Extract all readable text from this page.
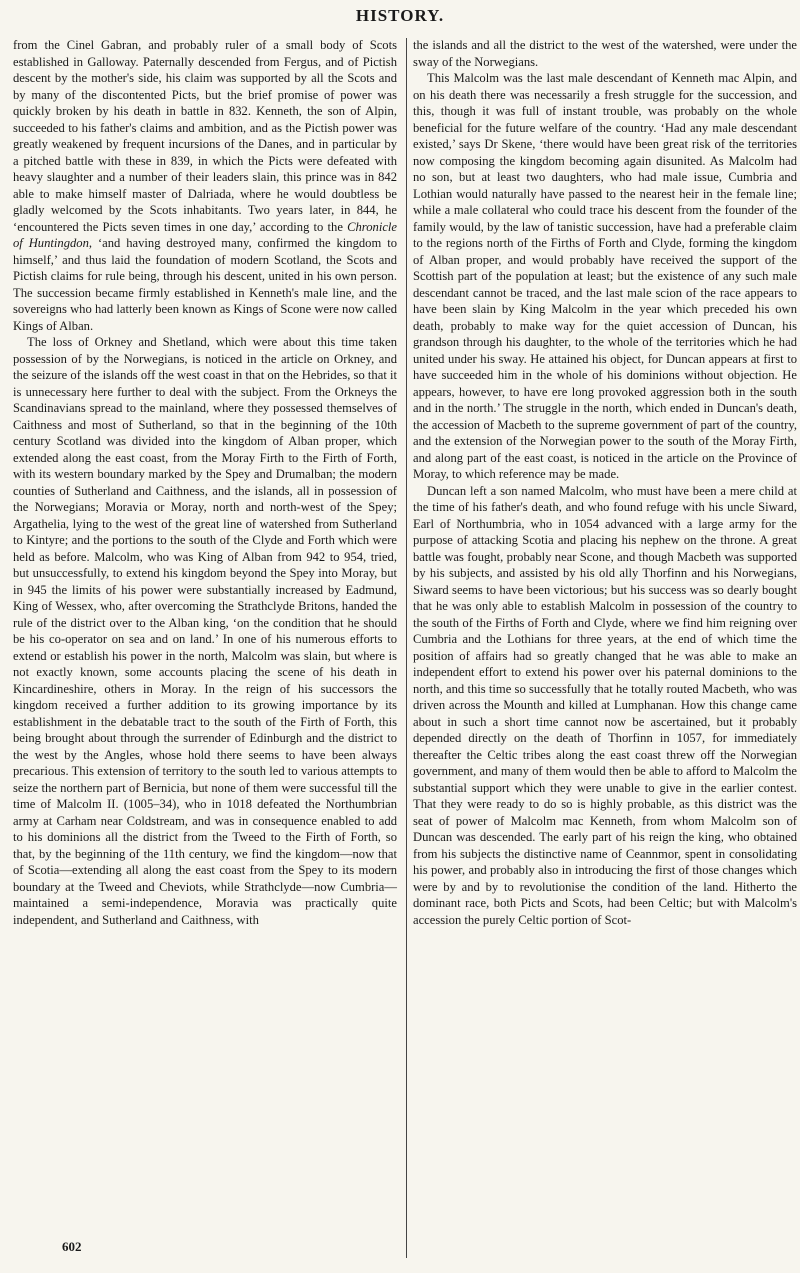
HISTORY.

from the Cinel Gabran, and probably ruler of a small body of Scots established in Galloway. Paternally descended from Fergus, and of Pictish descent by the mother's side, his claim was supported by all the Scots and by many of the discontented Picts, but the brief promise of power was quickly broken by his death in battle in 832. Kenneth, the son of Alpin, succeeded to his father's claims and ambition, and as the Pictish power was greatly weakened by frequent incursions of the Danes, and in particular by a pitched battle with these in 839, in which the Picts were defeated with heavy slaughter and a number of their leaders slain, this prince was in 842 able to make himself master of Dalriada, where he would doubtless be gladly welcomed by the Scots inhabitants. Two years later, in 844, he ‘encountered the Picts seven times in one day,’ according to the Chronicle of Huntingdon, ‘and having destroyed many, confirmed the kingdom to himself,’ and thus laid the foundation of modern Scotland, the Scots and Pictish claims for rule being, through his descent, united in his own person. The succession became firmly established in Kenneth's male line, and the sovereigns who had latterly been known as Kings of Scone were now called Kings of Alban.

The loss of Orkney and Shetland, which were about this time taken possession of by the Norwegians, is noticed in the article on Orkney, and the seizure of the islands off the west coast in that on the Hebrides, so that it is unnecessary here further to deal with the subject. From the Orkneys the Scandinavians spread to the mainland, where they possessed themselves of Caithness and most of Sutherland, so that in the beginning of the 10th century Scotland was divided into the kingdom of Alban proper, which extended along the east coast, from the Moray Firth to the Firth of Forth, with its western boundary marked by the Spey and Drumalban; the modern counties of Sutherland and Caithness, and the islands, all in possession of the Norwegians; Moravia or Moray, north and north-west of the Spey; Argathelia, lying to the west of the great line of watershed from Sutherland to Kintyre; and the portions to the south of the Clyde and Forth which were held as before. Malcolm, who was King of Alban from 942 to 954, tried, but unsuccessfully, to extend his kingdom beyond the Spey into Moray, but in 945 the limits of his power were substantially increased by Eadmund, King of Wessex, who, after overcoming the Strathclyde Britons, handed the rule of the district over to the Alban king, ‘on the condition that he should be his co-operator on sea and on land.’ In one of his numerous efforts to extend or establish his power in the north, Malcolm was slain, but where is not exactly known, some accounts placing the scene of his death in Kincardineshire, others in Moray. In the reign of his successors the kingdom received a further addition to its growing importance by its establishment in the debatable tract to the south of the Firth of Forth, this being brought about through the surrender of Edinburgh and the district to the west by the Angles, whose hold there seems to have been always precarious. This extension of territory to the south led to various attempts to seize the northern part of Bernicia, but none of them were successful till the time of Malcolm II. (1005–34), who in 1018 defeated the Northumbrian army at Carham near Coldstream, and was in consequence enabled to add to his dominions all the district from the Tweed to the Firth of Forth, so that, by the beginning of the 11th century, we find the kingdom—now that of Scotia—extending all along the east coast from the Spey to its modern boundary at the Tweed and Cheviots, while Strathclyde—now Cumbria—maintained a semi-independence, Moravia was practically quite independent, and Sutherland and Caithness, with

the islands and all the district to the west of the watershed, were under the sway of the Norwegians.

This Malcolm was the last male descendant of Kenneth mac Alpin, and on his death there was necessarily a fresh struggle for the succession, and this, though it was full of instant trouble, was probably on the whole beneficial for the future welfare of the country. ‘Had any male descendant existed,’ says Dr Skene, ‘there would have been great risk of the territories now composing the kingdom becoming again disunited. As Malcolm had no son, but at least two daughters, who had male issue, Cumbria and Lothian would naturally have passed to the nearest heir in the female line; while a male collateral who could trace his descent from the founder of the family would, by the law of tanistic succession, have had a preferable claim to the regions north of the Firths of Forth and Clyde, forming the kingdom of Alban proper, and would probably have received the support of the Scottish part of the population at least; but the existence of any such male descendant cannot be traced, and the last male scion of the race appears to have been slain by King Malcolm in the year which preceded his own death, probably to make way for the quiet accession of Duncan, his grandson through his daughter, to the whole of the territories which he had united under his sway. He attained his object, for Duncan appears at first to have succeeded him in the whole of his dominions without objection. He appears, however, to have ere long provoked aggression both in the south and in the north.’ The struggle in the north, which ended in Duncan's death, the accession of Macbeth to the supreme government of part of the country, and the extension of the Norwegian power to the south of the Moray Firth, and along part of the east coast, is noticed in the article on the Province of Moray, to which reference may be made.

Duncan left a son named Malcolm, who must have been a mere child at the time of his father's death, and who found refuge with his uncle Siward, Earl of Northumbria, who in 1054 advanced with a large army for the purpose of attacking Scotia and placing his nephew on the throne. A great battle was fought, probably near Scone, and though Macbeth was supported by his subjects, and assisted by his old ally Thorfinn and his Norwegians, Siward seems to have been victorious; but his success was so dearly bought that he was only able to establish Malcolm in possession of the country to the south of the Firths of Forth and Clyde, where we find him reigning over Cumbria and the Lothians for three years, at the end of which time the position of affairs had so greatly changed that he was able to make an independent effort to extend his power over his paternal dominions to the north, and this time so successfully that he totally routed Macbeth, who was driven across the Mounth and killed at Lumphanan. How this change came about in such a short time cannot now be ascertained, but it probably depended directly on the death of Thorfinn in 1057, for immediately thereafter the Celtic tribes along the east coast threw off the Norwegian government, and many of them would then be able to afford to Malcolm the substantial support which they were unable to give in the earlier contest. That they were ready to do so is highly probable, as this district was the seat of power of Malcolm mac Kenneth, from whom Malcolm son of Duncan was descended. The early part of his reign the king, who obtained from his subjects the distinctive name of Ceannmor, spent in consolidating his power, and probably also in introducing the first of those changes which were by and by to revolutionise the condition of the land. Hitherto the dominant race, both Picts and Scots, had been Celtic; but with Malcolm's accession the purely Celtic portion of Scot-

602
